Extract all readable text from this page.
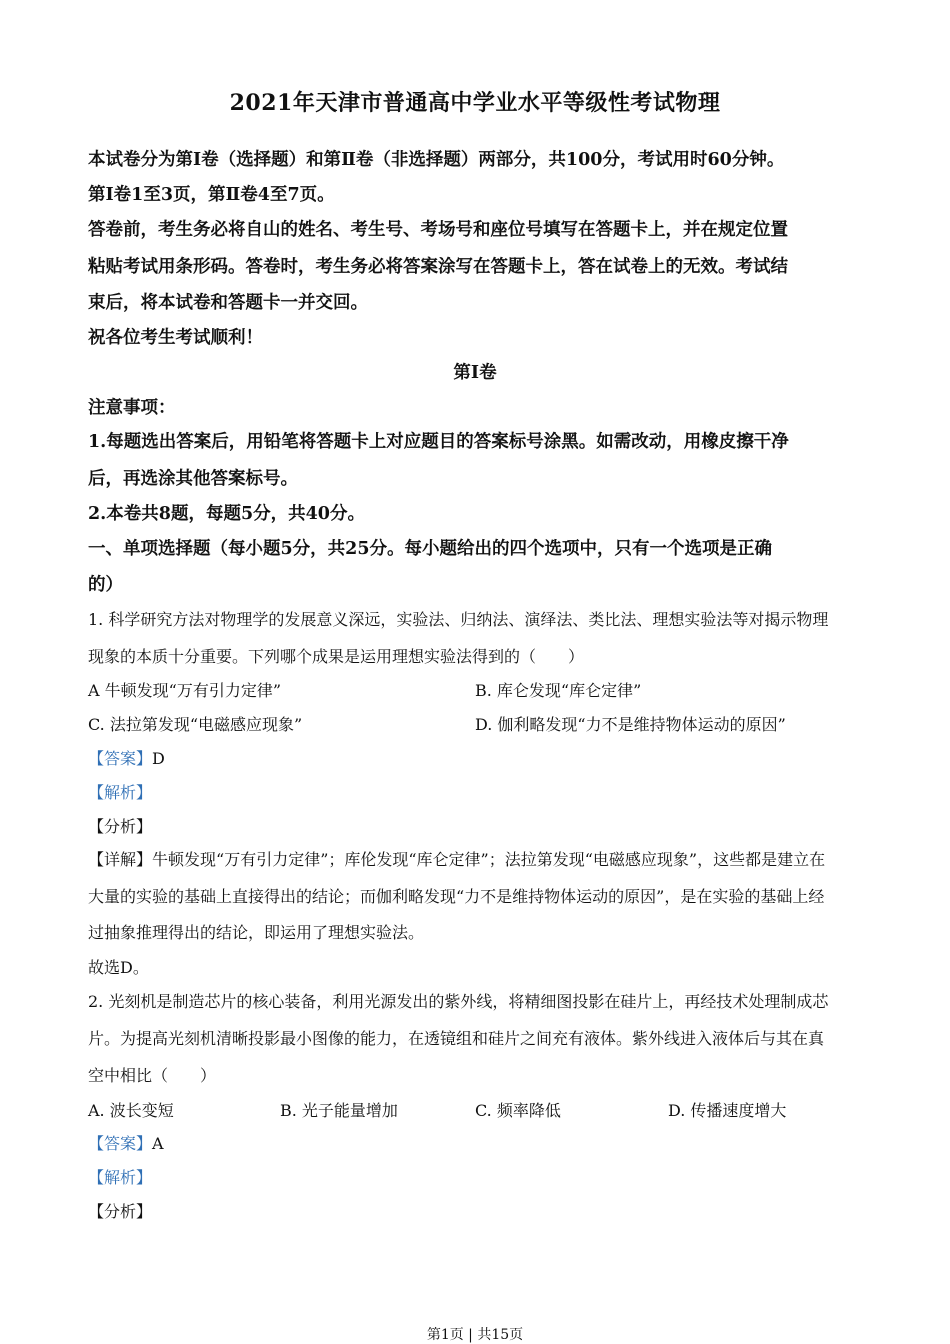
2021年天津市普通高中学业水平等级性考试物理
本试卷分为第Ⅰ卷（选择题）和第Ⅱ卷（非选择题）两部分，共100分，考试用时60分钟。
第Ⅰ卷1至3页，第Ⅱ卷4至7页。
答卷前，考生务必将自山的姓名、考生号、考场号和座位号填写在答题卡上，并在规定位置
粘贴考试用条形码。答卷时，考生务必将答案涂写在答题卡上，答在试卷上的无效。考试结
束后，将本试卷和答题卡一并交回。
祝各位考生考试顺利！
第Ⅰ卷
注意事项：
1.每题选出答案后，用铅笔将答题卡上对应题目的答案标号涂黑。如需改动，用橡皮擦干净
后，再选涂其他答案标号。
2.本卷共8题，每题5分，共40分。
一、单项选择题（每小题5分，共25分。每小题给出的四个选项中，只有一个选项是正确
的）
1. 科学研究方法对物理学的发展意义深远，实验法、归纳法、演绎法、类比法、理想实验法等对揭示物理
现象的本质十分重要。下列哪个成果是运用理想实验法得到的（　　）
A 牛顿发现“万有引力定律”	B. 库仑发现“库仑定律”
C. 法拉第发现“电磁感应现象”	D. 伽利略发现“力不是维持物体运动的原因”
【答案】D
【解析】
【分析】
【详解】牛顿发现“万有引力定律”；库伦发现“库仑定律”；法拉第发现“电磁感应现象”，这些都是建立在
大量的实验的基础上直接得出的结论；而伽利略发现“力不是维持物体运动的原因”，是在实验的基础上经
过抽象推理得出的结论，即运用了理想实验法。
故选D。
2. 光刻机是制造芯片的核心装备，利用光源发出的紫外线，将精细图投影在硅片上，再经技术处理制成芯
片。为提高光刻机清晰投影最小图像的能力，在透镜组和硅片之间充有液体。紫外线进入液体后与其在真
空中相比（　　）
A. 波长变短	B. 光子能量增加	C. 频率降低	D. 传播速度增大
【答案】A
【解析】
【分析】
第1页 | 共15页
